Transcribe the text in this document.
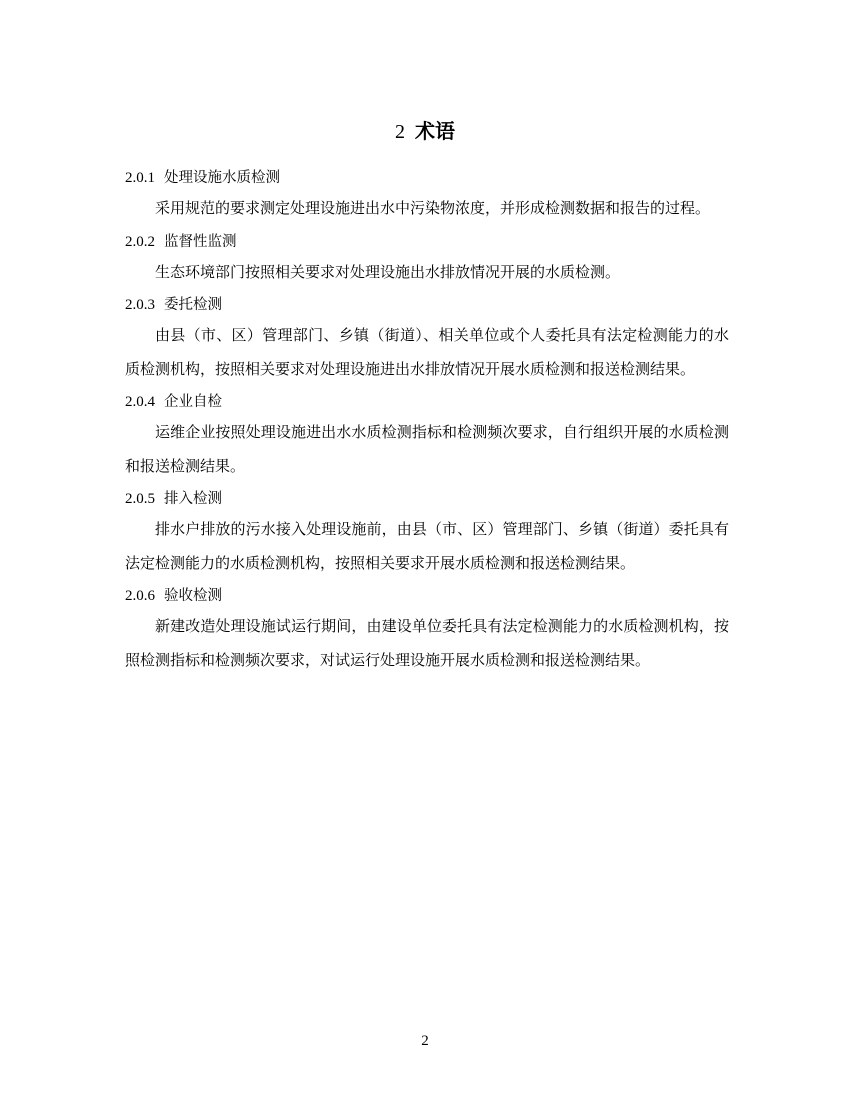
2 术语
2.0.1 处理设施水质检测

采用规范的要求测定处理设施进出水中污染物浓度，并形成检测数据和报告的过程。

2.0.2 监督性监测

生态环境部门按照相关要求对处理设施出水排放情况开展的水质检测。

2.0.3 委托检测

由县（市、区）管理部门、乡镇（街道）、相关单位或个人委托具有法定检测能力的水质检测机构，按照相关要求对处理设施进出水排放情况开展水质检测和报送检测结果。

2.0.4 企业自检

运维企业按照处理设施进出水水质检测指标和检测频次要求，自行组织开展的水质检测和报送检测结果。

2.0.5 排入检测

排水户排放的污水接入处理设施前，由县（市、区）管理部门、乡镇（街道）委托具有法定检测能力的水质检测机构，按照相关要求开展水质检测和报送检测结果。

2.0.6 验收检测

新建改造处理设施试运行期间，由建设单位委托具有法定检测能力的水质检测机构，按照检测指标和检测频次要求，对试运行处理设施开展水质检测和报送检测结果。

2
